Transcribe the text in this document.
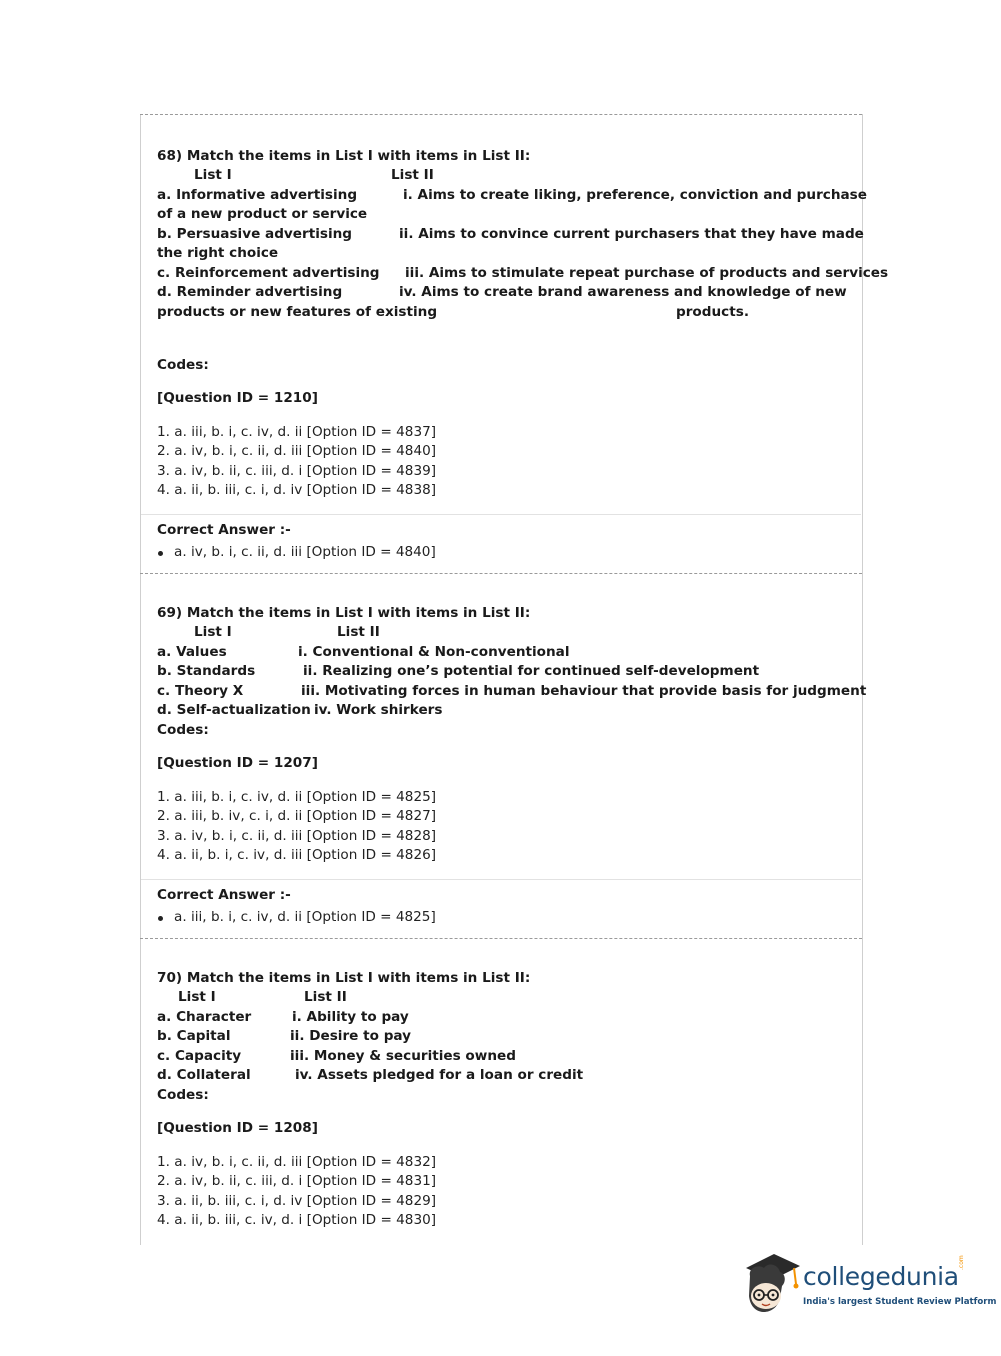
68) Match the items in List I with items in List II:
List I	List II
a. Informative advertising	i. Aims to create liking, preference, conviction and purchase
of a new product or service
b. Persuasive advertising	ii. Aims to convince current purchasers that they have made
the right choice
c. Reinforcement advertising iii. Aims to stimulate repeat purchase of products and services
d. Reminder advertising	iv. Aims to create brand awareness and knowledge of new
products or new features of existing	products.
Codes:
[Question ID = 1210]
1. a. iii, b. i, c. iv, d. ii [Option ID = 4837]
2. a. iv, b. i, c. ii, d. iii [Option ID = 4840]
3. a. iv, b. ii, c. iii, d. i [Option ID = 4839]
4. a. ii, b. iii, c. i, d. iv [Option ID = 4838]
Correct Answer :-
a. iv, b. i, c. ii, d. iii [Option ID = 4840]
69) Match the items in List I with items in List II:
List I	List II
a. Values	i. Conventional & Non-conventional
b. Standards	ii. Realizing one’s potential for continued self-development
c. Theory X	iii. Motivating forces in human behaviour that provide basis for judgment
d. Self-actualization iv. Work shirkers
Codes:
[Question ID = 1207]
1. a. iii, b. i, c. iv, d. ii [Option ID = 4825]
2. a. iii, b. iv, c. i, d. ii [Option ID = 4827]
3. a. iv, b. i, c. ii, d. iii [Option ID = 4828]
4. a. ii, b. i, c. iv, d. iii [Option ID = 4826]
Correct Answer :-
a. iii, b. i, c. iv, d. ii [Option ID = 4825]
70) Match the items in List I with items in List II:
List I	List II
a. Character	i. Ability to pay
b. Capital	ii. Desire to pay
c. Capacity	iii. Money & securities owned
d. Collateral	iv. Assets pledged for a loan or credit
Codes:
[Question ID = 1208]
1. a. iv, b. i, c. ii, d. iii [Option ID = 4832]
2. a. iv, b. ii, c. iii, d. i [Option ID = 4831]
3. a. ii, b. iii, c. i, d. iv [Option ID = 4829]
4. a. ii, b. iii, c. iv, d. i [Option ID = 4830]
collegedunia .com
India's largest Student Review Platform
